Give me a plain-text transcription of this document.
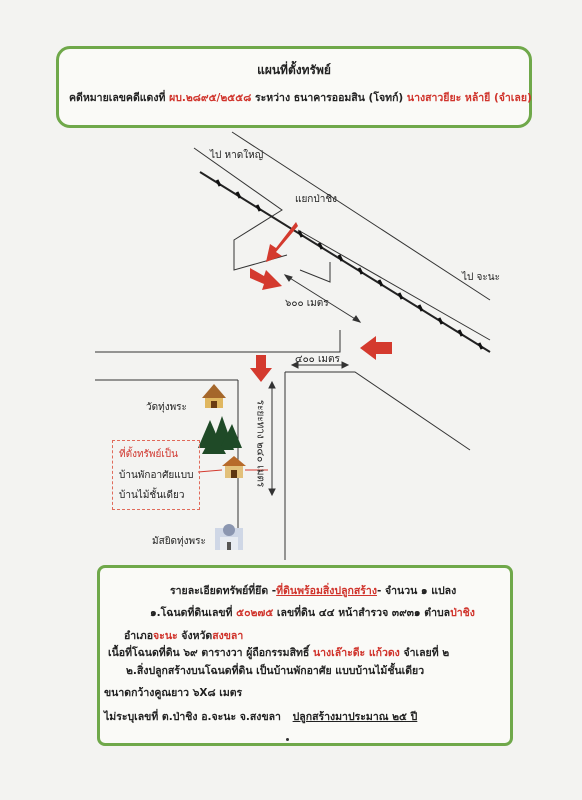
แผนที่ตั้งทรัพย์
คดีหมายเลขคดีแดงที่ ผบ.๒๘๙๕/๒๕๕๘ ระหว่าง ธนาคารออมสิน (โจทก์) นางสาวยียะ หล้ายี (จำเลย)
ไป หาดใหญ่
แยกป่าชิง
ไป จะนะ
๖๐๐ เมตร
๔๐๐ เมตร
ระยะทาง ๒๔๐ เมตร
วัดทุ่งพระ
มัสยิดทุ่งพระ
ที่ตั้งทรัพย์เป็น
บ้านพักอาศัยแบบ
บ้านไม้ชั้นเดียว
รายละเอียดทรัพย์ที่ยึด -ที่ดินพร้อมสิ่งปลูกสร้าง- จำนวน ๑ แปลง
๑.โฉนดที่ดินเลขที่ ๕๐๒๗๕ เลขที่ดิน ๔๔ หน้าสำรวจ ๓๙๓๑ ตำบลป่าชิง
อำเภอจะนะ จังหวัดสงขลา
เนื้อที่โฉนดที่ดิน ๖๙ ตารางวา ผู้ถือกรรมสิทธิ์ นางเล๊าะดีะ แก้วดง จำเลยที่ ๒
๒.สิ่งปลูกสร้างบนโฉนดที่ดิน เป็นบ้านพักอาศัย แบบบ้านไม้ชั้นเดียว
ขนาดกว้างคูณยาว ๖X๘ เมตร
ไม่ระบุเลขที่ ต.ป่าชิง อ.จะนะ จ.สงขลา ปลูกสร้างมาประมาณ ๒๕ ปี
